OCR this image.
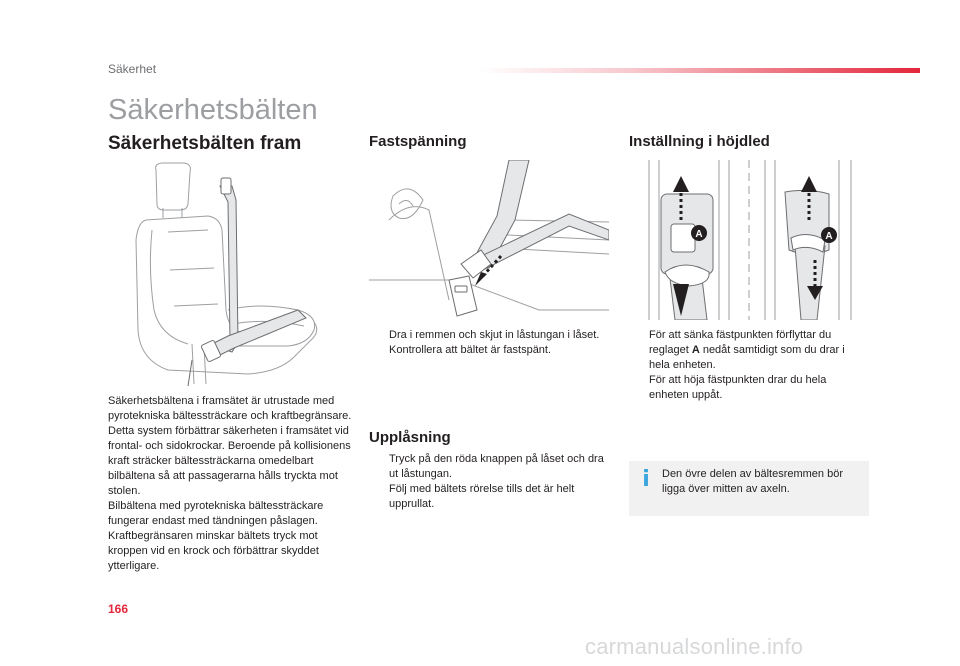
Säkerhet
Säkerhetsbälten
Säkerhetsbälten fram	Fastspänning	Inställning i höjdled
A	A

Säkerhetsbältena i framsätet är utrustade med pyrotekniska bältessträckare och kraftbegränsare.

Detta system förbättrar säkerheten i framsätet vid frontal- och sidokrockar. Beroende på kollisionens kraft sträcker bältessträckarna omedelbart bilbältena så att passagerarna hålls tryckta mot stolen.

Bilbältena med pyrotekniska bältessträckare fungerar endast med tändningen påslagen.

Kraftbegränsaren minskar bältets tryck mot kroppen vid en krock och förbättrar skyddet ytterligare.

Dra i remmen och skjut in låstungan i låset.
Kontrollera att bältet är fastspänt.
För att sänka fästpunkten förflyttar du reglaget A nedåt samtidigt som du drar i hela enheten.
För att höja fästpunkten drar du hela enheten uppåt.
Upplåsning
Tryck på den röda knappen på låset och dra ut låstungan.
Följ med bältets rörelse tills det är helt upprullat.
i Den övre delen av bältesremmen bör ligga över mitten av axeln.
166
carmanualsonline.info
